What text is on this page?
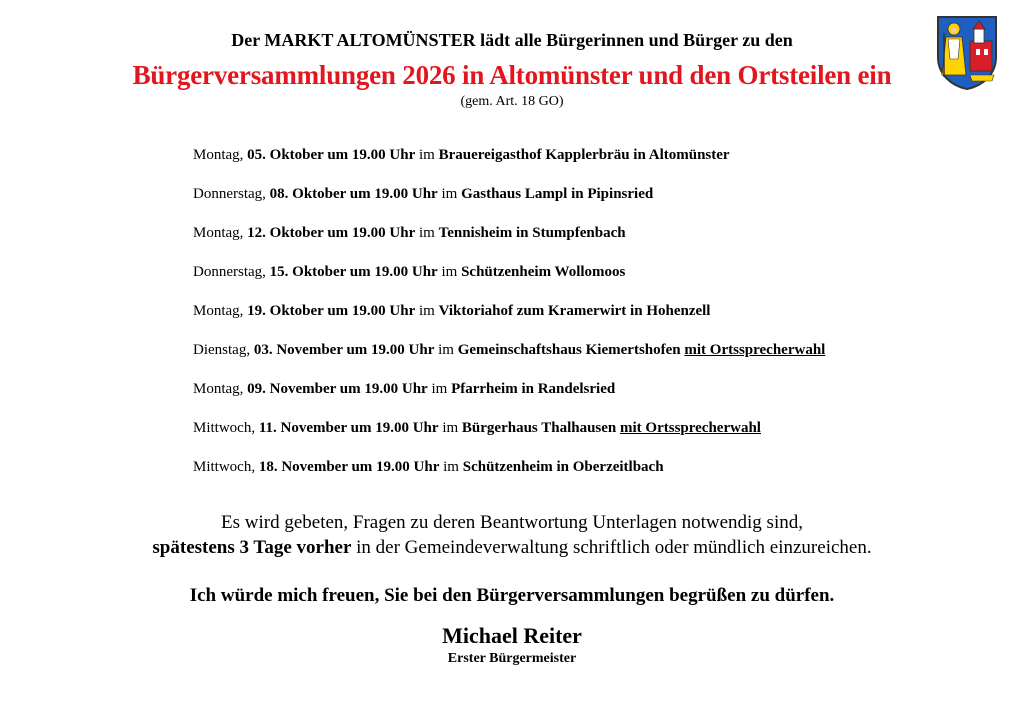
Der MARKT ALTOMÜNSTER lädt alle Bürgerinnen und Bürger zu den
Bürgerversammlungen 2026 in Altomünster und den Ortsteilen ein
(gem. Art. 18 GO)
Montag, 05. Oktober um 19.00 Uhr im Brauereigasthof Kapplerbräu in Altomünster
Donnerstag, 08. Oktober um 19.00 Uhr im Gasthaus Lampl in Pipinsried
Montag, 12. Oktober um 19.00 Uhr im Tennisheim in Stumpfenbach
Donnerstag, 15. Oktober um 19.00 Uhr im Schützenheim Wollomoos
Montag, 19. Oktober um 19.00 Uhr im Viktoriahof zum Kramerwirt in Hohenzell
Dienstag, 03. November um 19.00 Uhr im Gemeinschaftshaus Kiemertshofen mit Ortssprecherwahl
Montag, 09. November um 19.00 Uhr im Pfarrheim in Randelsried
Mittwoch, 11. November um 19.00 Uhr im Bürgerhaus Thalhausen mit Ortssprecherwahl
Mittwoch, 18. November um 19.00 Uhr im Schützenheim in Oberzeitlbach
Es wird gebeten, Fragen zu deren Beantwortung Unterlagen notwendig sind,
spätestens 3 Tage vorher in der Gemeindeverwaltung schriftlich oder mündlich einzureichen.
Ich würde mich freuen, Sie bei den Bürgerversammlungen begrüßen zu dürfen.
Michael Reiter
Erster Bürgermeister
